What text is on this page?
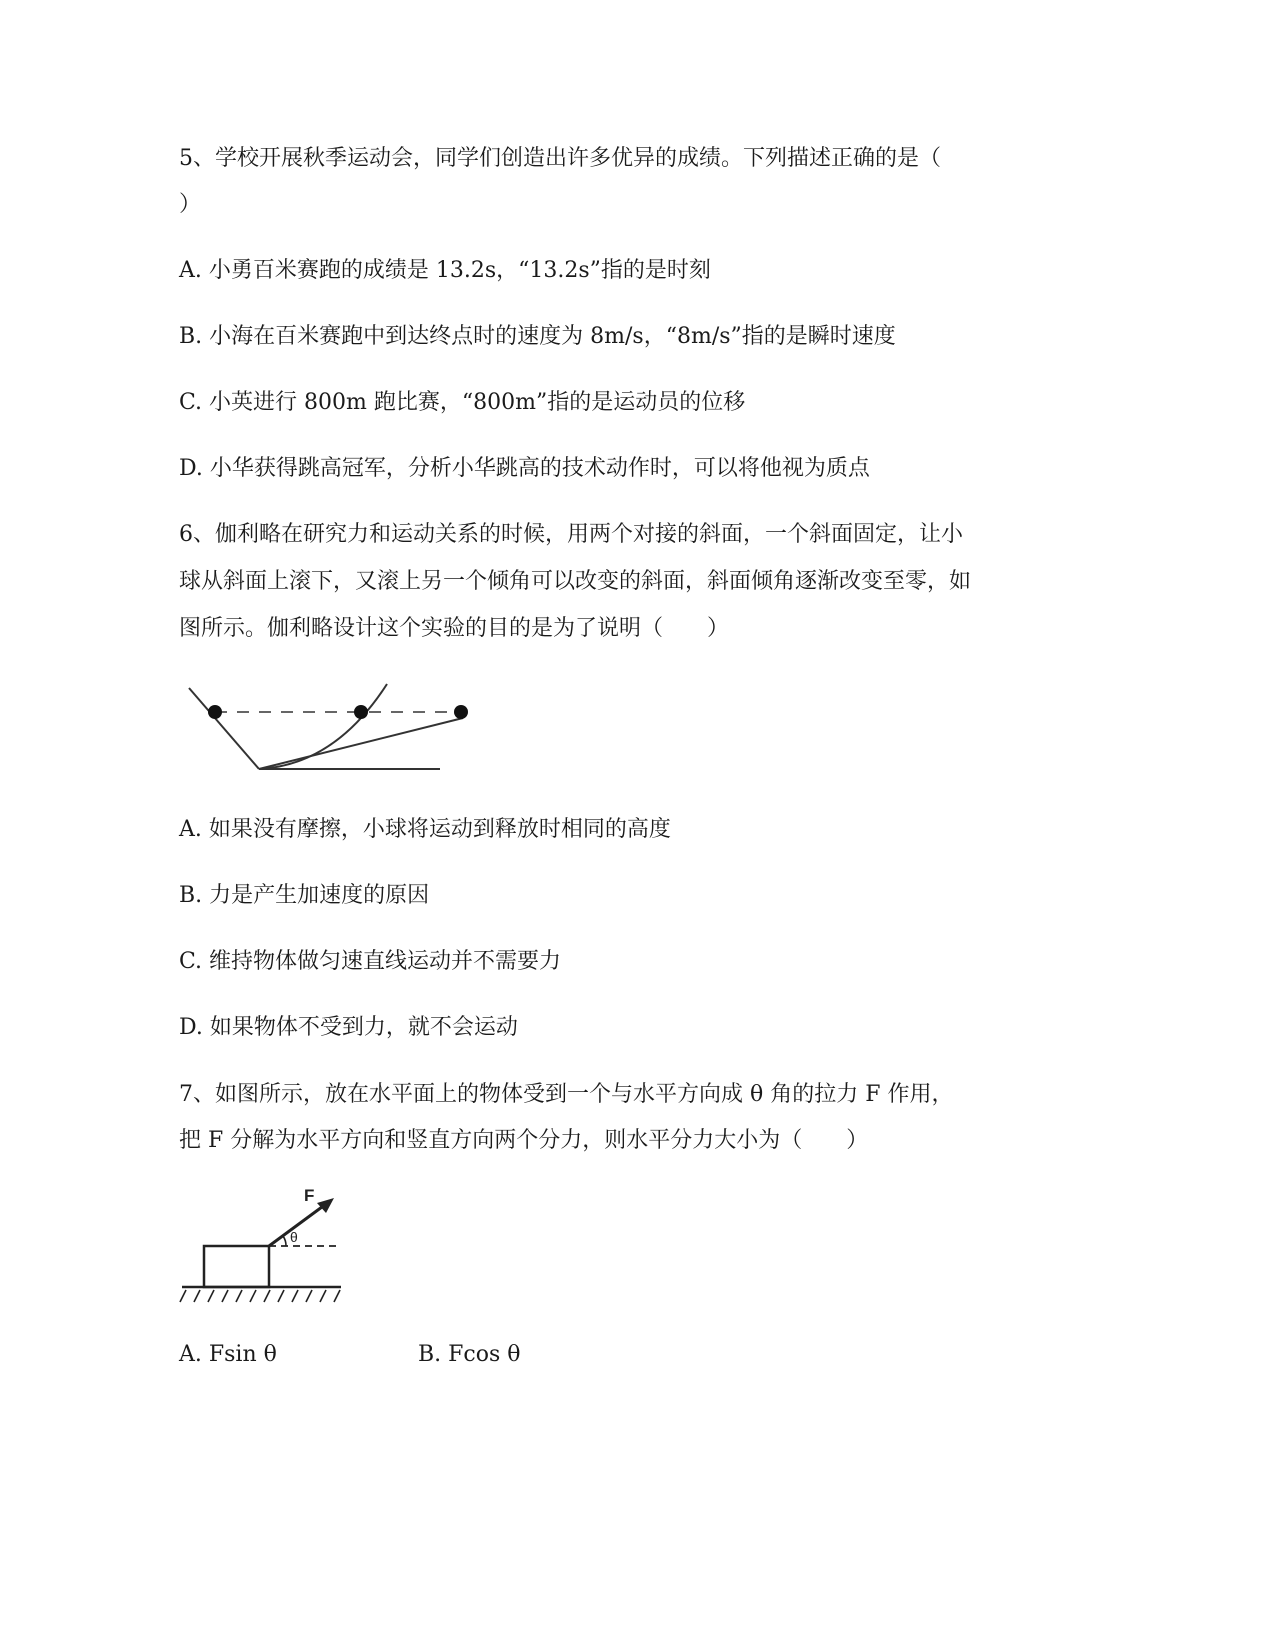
5、学校开展秋季运动会，同学们创造出许多优异的成绩。下列描述正确的是（
）
A. 小勇百米赛跑的成绩是 13.2s，“13.2s”指的是时刻
B. 小海在百米赛跑中到达终点时的速度为 8m/s，“8m/s”指的是瞬时速度
C. 小英进行 800m 跑比赛，“800m”指的是运动员的位移
D. 小华获得跳高冠军，分析小华跳高的技术动作时，可以将他视为质点
6、伽利略在研究力和运动关系的时候，用两个对接的斜面，一个斜面固定，让小
球从斜面上滚下，又滚上另一个倾角可以改变的斜面，斜面倾角逐渐改变至零，如
图所示。伽利略设计这个实验的目的是为了说明（　　）
A. 如果没有摩擦，小球将运动到释放时相同的高度
B. 力是产生加速度的原因
C. 维持物体做匀速直线运动并不需要力
D. 如果物体不受到力，就不会运动
7、如图所示，放在水平面上的物体受到一个与水平方向成 θ 角的拉力 F 作用，
把 F 分解为水平方向和竖直方向两个分力，则水平分力大小为（　　）
F
θ
A. Fsin θ	B. Fcos θ
